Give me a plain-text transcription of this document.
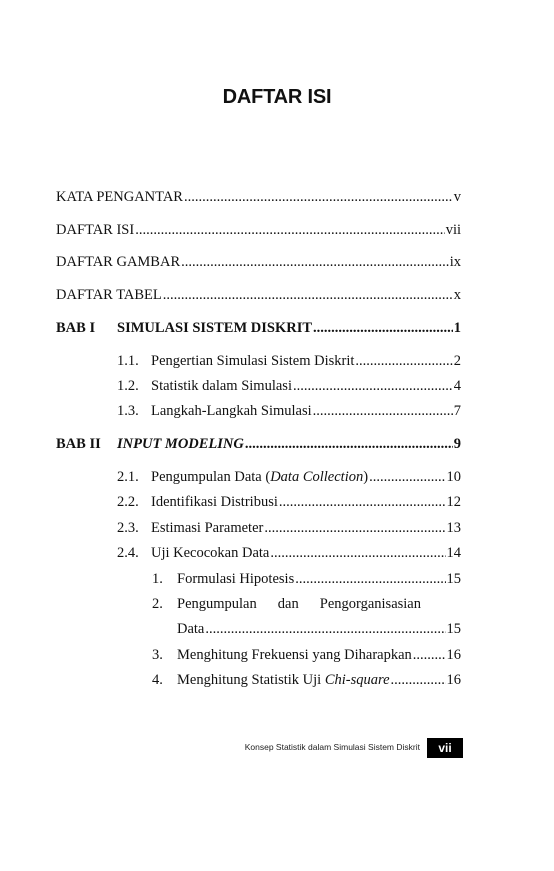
DAFTAR ISI
KATA PENGANTAR .....	v
DAFTAR ISI .....	vii
DAFTAR GAMBAR .....	ix
DAFTAR TABEL .....	x
BAB I	SIMULASI SISTEM DISKRIT .....	1
1.1. Pengertian Simulasi Sistem Diskrit .....	2
1.2. Statistik dalam Simulasi .....	4
1.3. Langkah-Langkah Simulasi .....	7
BAB II	INPUT MODELING .....	9
2.1. Pengumpulan Data (Data Collection) .....	10
2.2. Identifikasi Distribusi .....	12
2.3. Estimasi Parameter .....	13
2.4. Uji Kecocokan Data .....	14
1. Formulasi Hipotesis .....	15
2. Pengumpulan dan Pengorganisasian
Data .....	15
3. Menghitung Frekuensi yang Diharapkan ..... 16
4. Menghitung Statistik Uji Chi-square .....	16
Konsep Statistik dalam Simulasi Sistem Diskrit	vii
